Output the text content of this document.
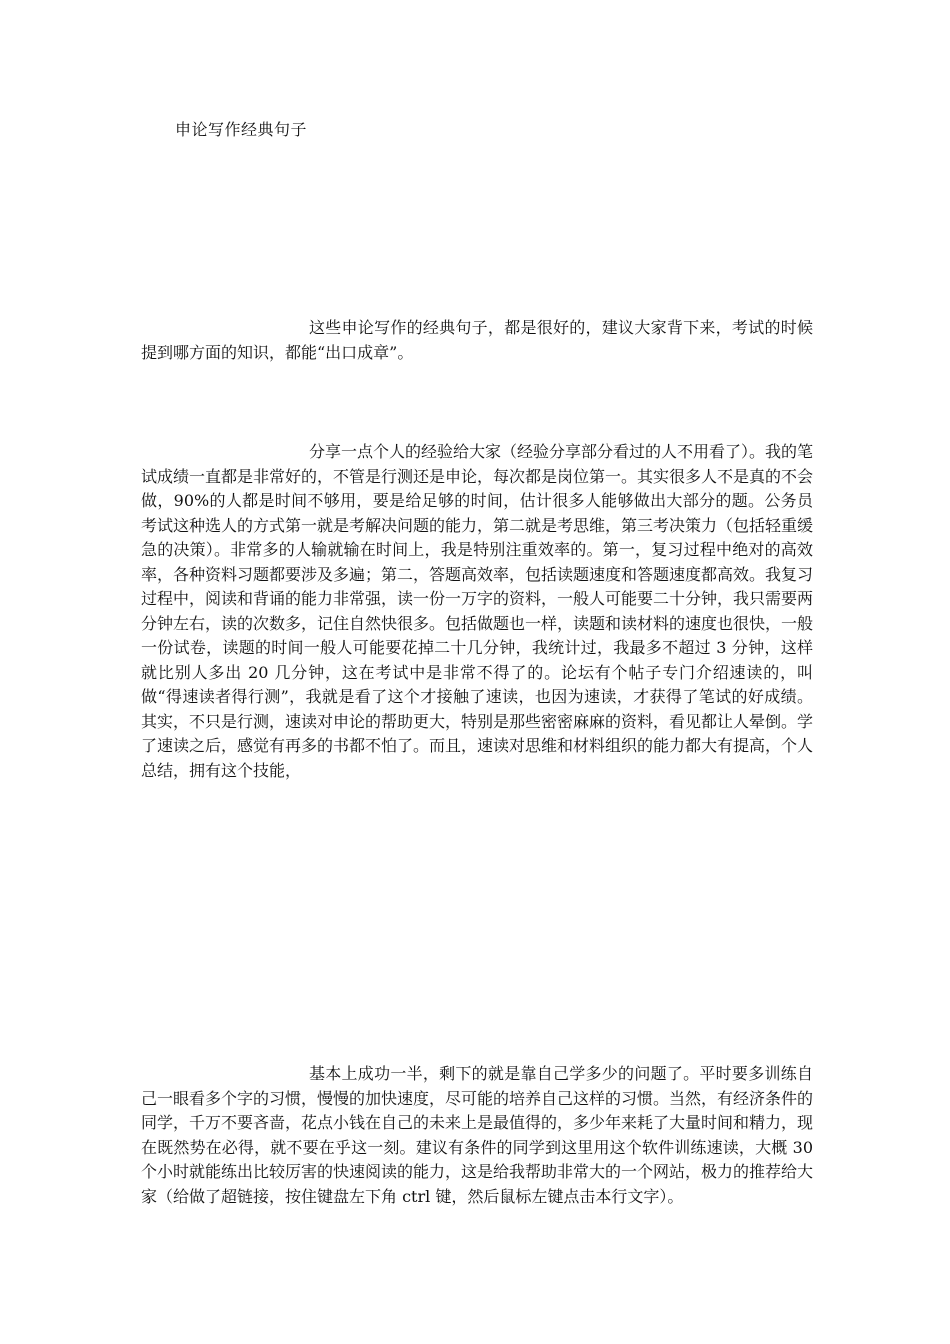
申论写作经典句子

这些申论写作的经典句子，都是很好的，建议大家背下来，考试的时候提到哪方面的知识，都能“出口成章”。

分享一点个人的经验给大家（经验分享部分看过的人不用看了）。我的笔试成绩一直都是非常好的，不管是行测还是申论，每次都是岗位第一。其实很多人不是真的不会做，90%的人都是时间不够用，要是给足够的时间，估计很多人能够做出大部分的题。公务员考试这种选人的方式第一就是考解决问题的能力，第二就是考思维，第三考决策力（包括轻重缓急的决策）。非常多的人输就输在时间上，我是特别注重效率的。第一，复习过程中绝对的高效率，各种资料习题都要涉及多遍；第二，答题高效率，包括读题速度和答题速度都高效。我复习过程中，阅读和背诵的能力非常强，读一份一万字的资料，一般人可能要二十分钟，我只需要两分钟左右，读的次数多，记住自然快很多。包括做题也一样，读题和读材料的速度也很快，一般一份试卷，读题的时间一般人可能要花掉二十几分钟，我统计过，我最多不超过 3 分钟，这样就比别人多出 20 几分钟，这在考试中是非常不得了的。论坛有个帖子专门介绍速读的，叫做“得速读者得行测”，我就是看了这个才接触了速读，也因为速读，才获得了笔试的好成绩。其实，不只是行测，速读对申论的帮助更大，特别是那些密密麻麻的资料，看见都让人晕倒。学了速读之后，感觉有再多的书都不怕了。而且，速读对思维和材料组织的能力都大有提高，个人总结，拥有这个技能，

基本上成功一半，剩下的就是靠自己学多少的问题了。平时要多训练自己一眼看多个字的习惯，慢慢的加快速度，尽可能的培养自己这样的习惯。当然，有经济条件的同学，千万不要吝啬，花点小钱在自己的未来上是最值得的，多少年来耗了大量时间和精力，现在既然势在必得，就不要在乎这一刻。建议有条件的同学到这里用这个软件训练速读，大概 30 个小时就能练出比较厉害的快速阅读的能力，这是给我帮助非常大的一个网站，极力的推荐给大家（给做了超链接，按住键盘左下角 ctrl 键，然后鼠标左键点击本行文字）。
